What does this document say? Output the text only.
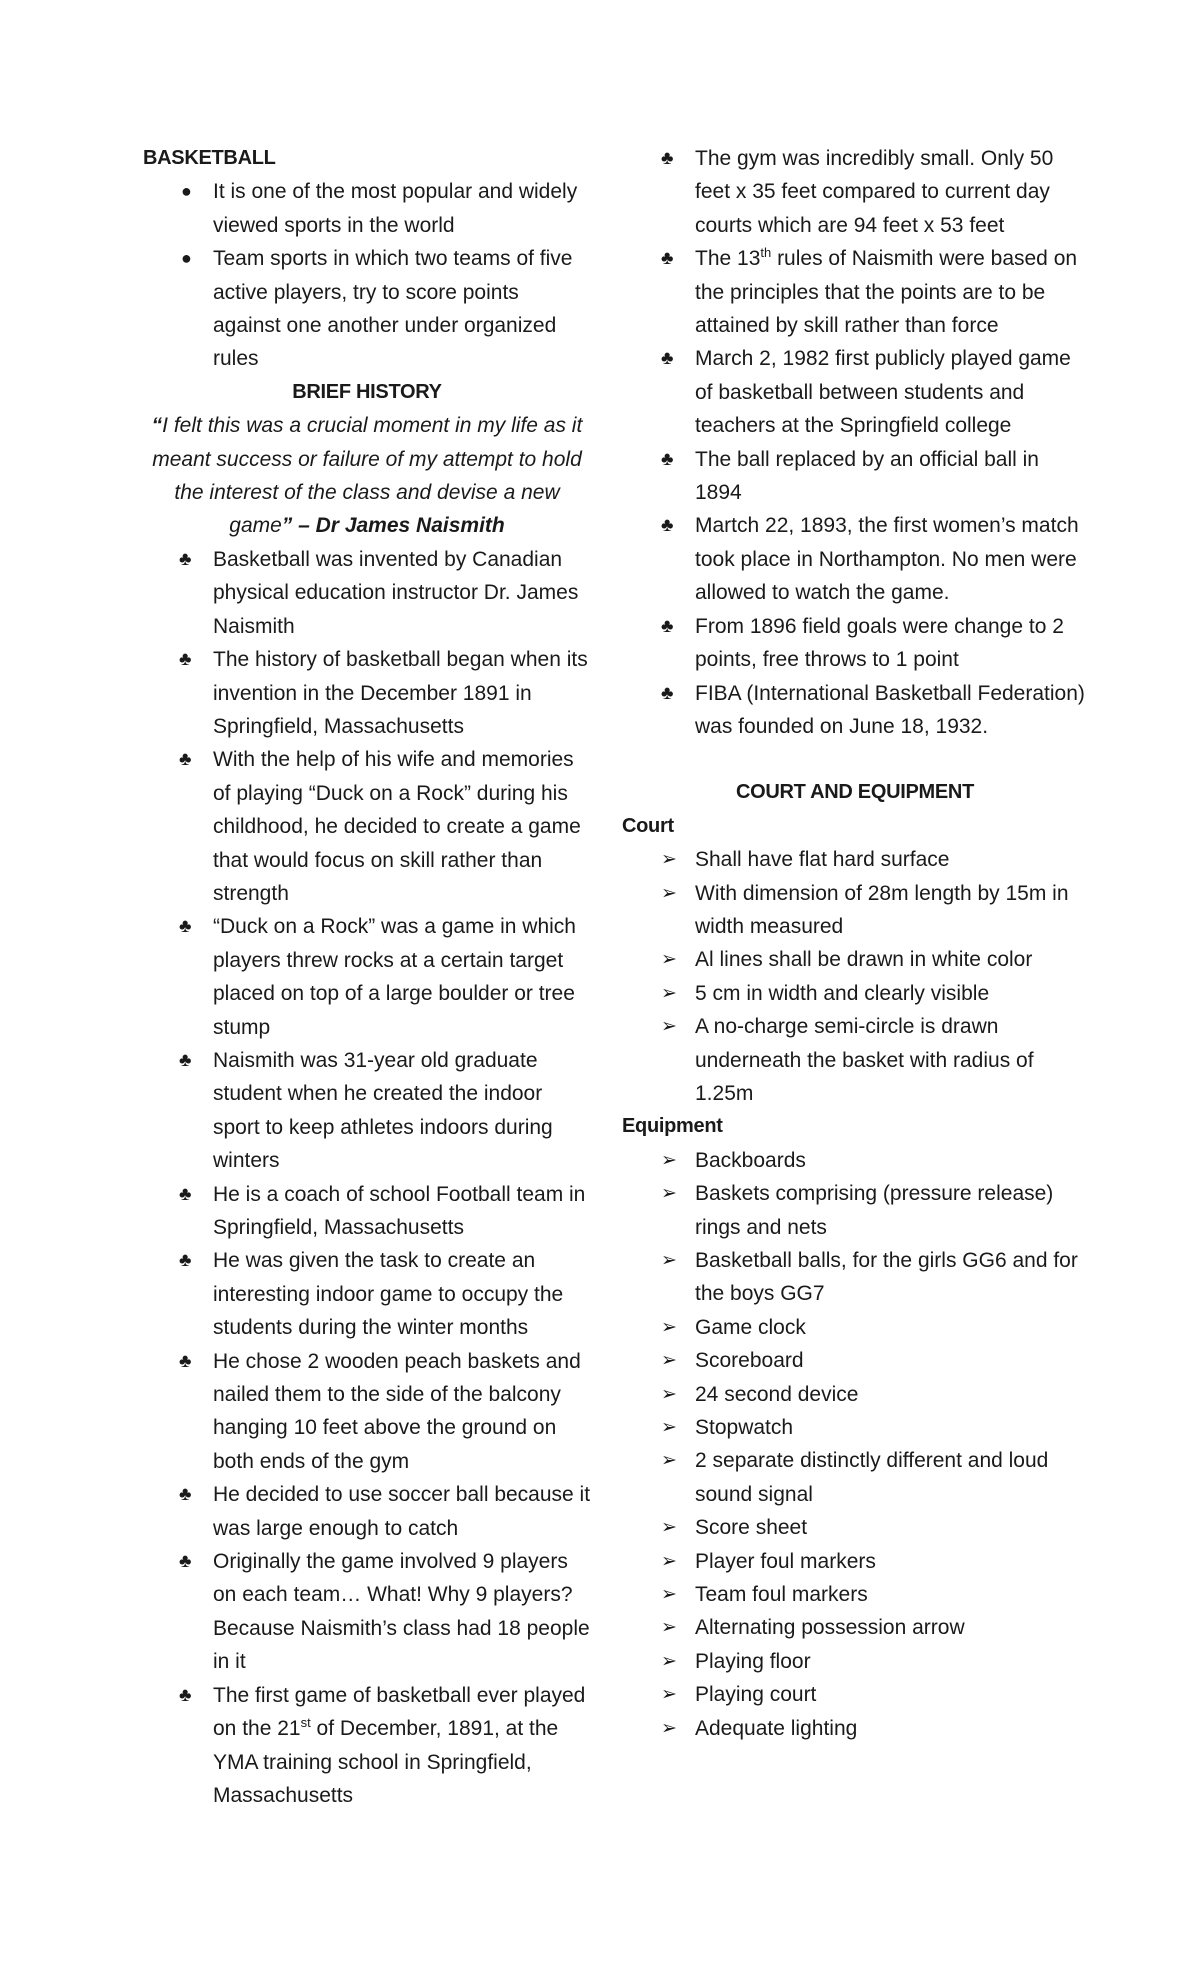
BASKETBALL
●	It is one of the most popular and widely viewed sports in the world
●	Team sports in which two teams of five active players, try to score points against one another under organized rules
BRIEF HISTORY
“I felt this was a crucial moment in my life as it meant success or failure of my attempt to hold the interest of the class and devise a new game” – Dr James Naismith
♣	Basketball was invented by Canadian physical education instructor Dr. James Naismith
♣	The history of basketball began when its invention in the December 1891 in Springfield, Massachusetts
♣	With the help of his wife and memories of playing “Duck on a Rock” during his childhood, he decided to create a game that would focus on skill rather than strength
♣	“Duck on a Rock” was a game in which players threw rocks at a certain target placed on top of a large boulder or tree stump
♣	Naismith was 31-year old graduate student when he created the indoor sport to keep athletes indoors during winters
♣	He is a coach of school Football team in Springfield, Massachusetts
♣	He was given the task to create an interesting indoor game to occupy the students during the winter months
♣	He chose 2 wooden peach baskets and nailed them to the side of the balcony hanging 10 feet above the ground on both ends of the gym
♣	He decided to use soccer ball because it was large enough to catch
♣	Originally the game involved 9 players on each team… What! Why 9 players? Because Naismith’s class had 18 people in it
♣	The first game of basketball ever played on the 21st of December, 1891, at the YMA training school in Springfield, Massachusetts
♣	The gym was incredibly small. Only 50 feet x 35 feet compared to current day courts which are 94 feet x 53 feet
♣	The 13th rules of Naismith were based on the principles that the points are to be attained by skill rather than force
♣	March 2, 1982 first publicly played game of basketball between students and teachers at the Springfield college
♣	The ball replaced by an official ball in 1894
♣	Martch 22, 1893, the first women’s match took place in Northampton. No men were allowed to watch the game.
♣	From 1896 field goals were change to 2 points, free throws to 1 point
♣	FIBA (International Basketball Federation) was founded on June 18, 1932.
COURT AND EQUIPMENT
Court
➢ Shall have flat hard surface
➢ With dimension of 28m length by 15m in width measured
➢ Al lines shall be drawn in white color
➢ 5 cm in width and clearly visible
➢ A no-charge semi-circle is drawn underneath the basket with radius of 1.25m
Equipment
➢ Backboards
➢ Baskets comprising (pressure release) rings and nets
➢ Basketball balls, for the girls GG6 and for the boys GG7
➢ Game clock
➢ Scoreboard
➢ 24 second device
➢ Stopwatch
➢ 2 separate distinctly different and loud sound signal
➢ Score sheet
➢ Player foul markers
➢ Team foul markers
➢ Alternating possession arrow
➢ Playing floor
➢ Playing court
➢ Adequate lighting
